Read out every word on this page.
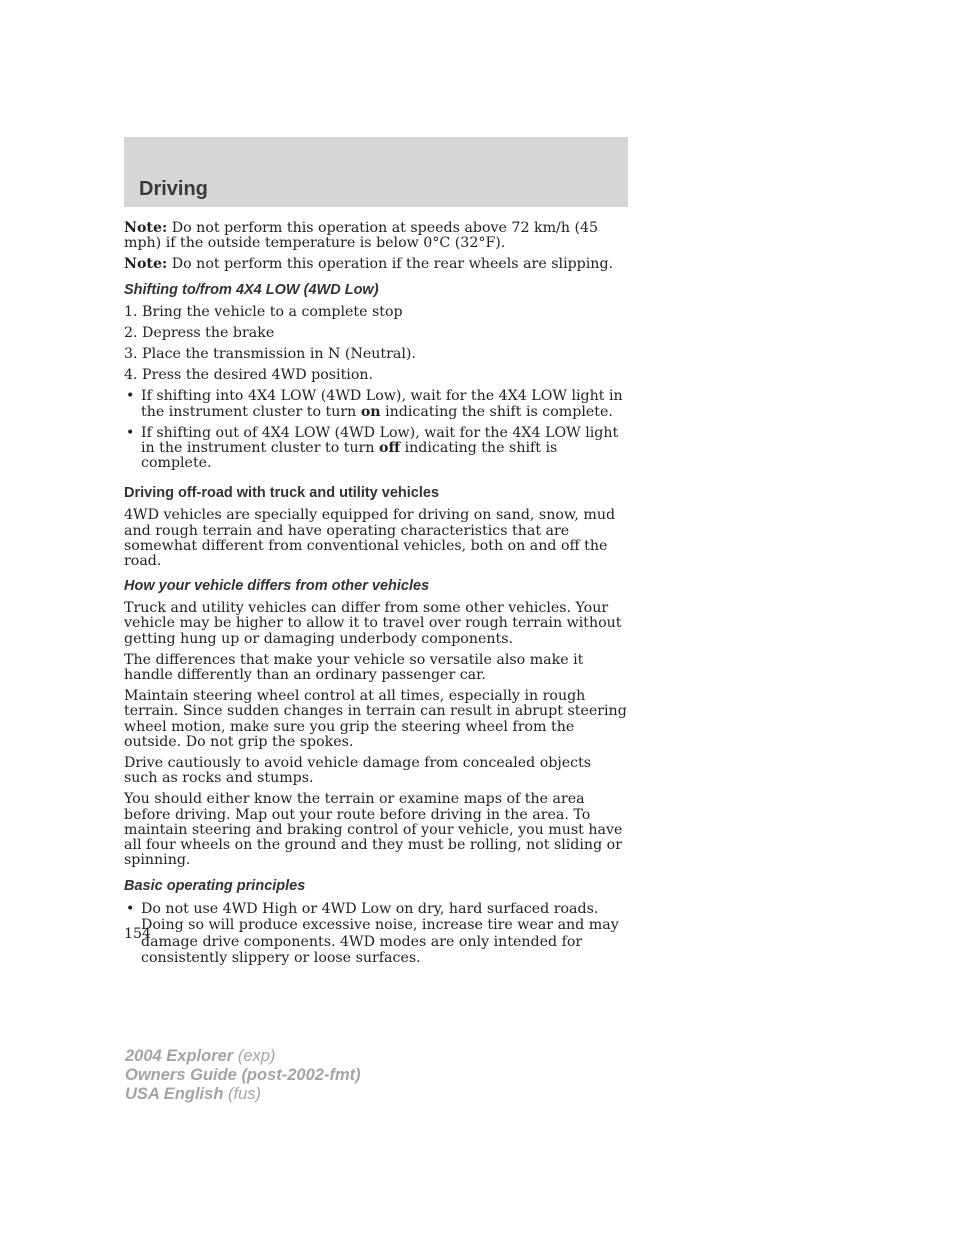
Driving

Note: Do not perform this operation at speeds above 72 km/h (45 mph) if the outside temperature is below 0°C (32°F).

Note: Do not perform this operation if the rear wheels are slipping.

Shifting to/from 4X4 LOW (4WD Low)

1. Bring the vehicle to a complete stop

2. Depress the brake

3. Place the transmission in N (Neutral).

4. Press the desired 4WD position.

• If shifting into 4X4 LOW (4WD Low), wait for the 4X4 LOW light in the instrument cluster to turn on indicating the shift is complete.
• If shifting out of 4X4 LOW (4WD Low), wait for the 4X4 LOW light in the instrument cluster to turn off indicating the shift is complete.
Driving off-road with truck and utility vehicles

4WD vehicles are specially equipped for driving on sand, snow, mud and rough terrain and have operating characteristics that are somewhat different from conventional vehicles, both on and off the road.

How your vehicle differs from other vehicles

Truck and utility vehicles can differ from some other vehicles. Your vehicle may be higher to allow it to travel over rough terrain without getting hung up or damaging underbody components.

The differences that make your vehicle so versatile also make it handle differently than an ordinary passenger car.

Maintain steering wheel control at all times, especially in rough terrain. Since sudden changes in terrain can result in abrupt steering wheel motion, make sure you grip the steering wheel from the outside. Do not grip the spokes.

Drive cautiously to avoid vehicle damage from concealed objects such as rocks and stumps.

You should either know the terrain or examine maps of the area before driving. Map out your route before driving in the area. To maintain steering and braking control of your vehicle, you must have all four wheels on the ground and they must be rolling, not sliding or spinning.

Basic operating principles
• Do not use 4WD High or 4WD Low on dry, hard surfaced roads. Doing so will produce excessive noise, increase tire wear and may damage drive components. 4WD modes are only intended for consistently slippery or loose surfaces.
154
2004 Explorer (exp)
Owners Guide (post-2002-fmt)
USA English (fus)
